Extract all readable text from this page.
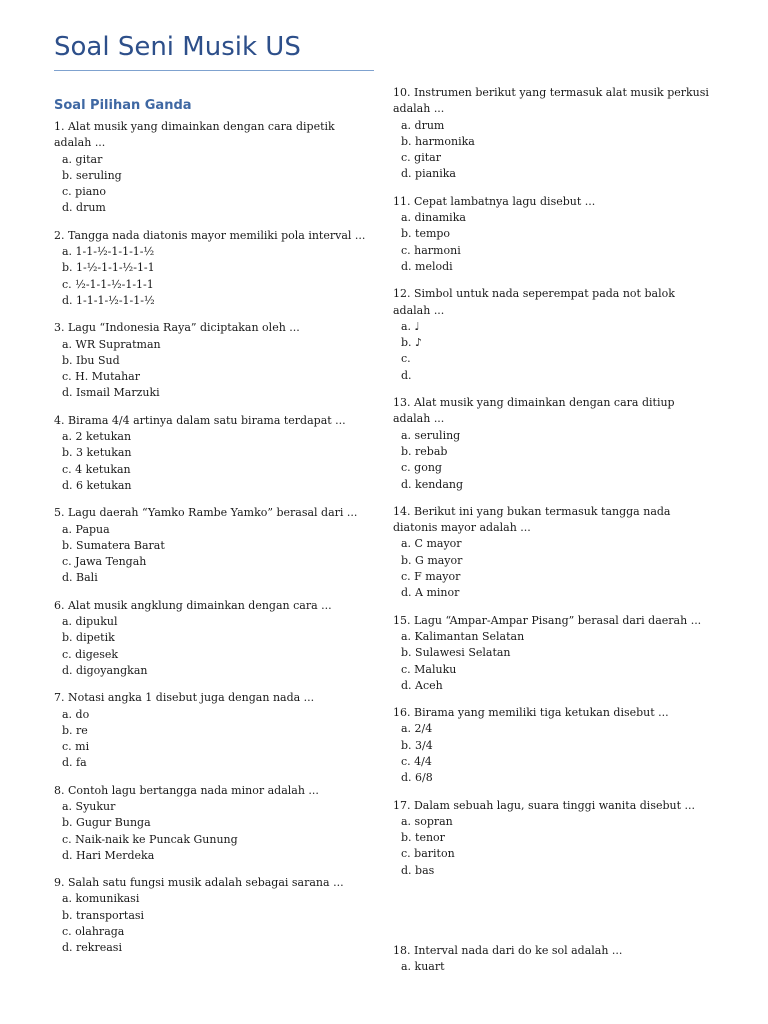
Soal Seni Musik US
Soal Pilihan Ganda

1. Alat musik yang dimainkan dengan cara dipetik adalah ...

a. gitar
b. seruling
c. piano
d. drum

2. Tangga nada diatonis mayor memiliki pola interval ...

a. 1-1-½-1-1-1-½
b. 1-½-1-1-½-1-1
c. ½-1-1-½-1-1-1
d. 1-1-1-½-1-1-½

3. Lagu “Indonesia Raya” diciptakan oleh ...

a. WR Supratman
b. Ibu Sud
c. H. Mutahar
d. Ismail Marzuki

4. Birama 4/4 artinya dalam satu birama terdapat ...

a. 2 ketukan
b. 3 ketukan
c. 4 ketukan
d. 6 ketukan

5. Lagu daerah “Yamko Rambe Yamko” berasal dari ...

a. Papua
b. Sumatera Barat
c. Jawa Tengah
d. Bali

6. Alat musik angklung dimainkan dengan cara ...

a. dipukul
b. dipetik
c. digesek
d. digoyangkan

7. Notasi angka 1 disebut juga dengan nada ...

a. do
b. re
c. mi
d. fa

8. Contoh lagu bertangga nada minor adalah ...

a. Syukur
b. Gugur Bunga
c. Naik-naik ke Puncak Gunung
d. Hari Merdeka

9. Salah satu fungsi musik adalah sebagai sarana ...

a. komunikasi
b. transportasi
c. olahraga
d. rekreasi

10. Instrumen berikut yang termasuk alat musik perkusi adalah ...

a. drum
b. harmonika
c. gitar
d. pianika

11. Cepat lambatnya lagu disebut ...

a. dinamika
b. tempo
c. harmoni
d. melodi

12. Simbol untuk nada seperempat pada not balok adalah ...

a. ♩
b. ♪
c.
d.

13. Alat musik yang dimainkan dengan cara ditiup adalah ...

a. seruling
b. rebab
c. gong
d. kendang

14. Berikut ini yang bukan termasuk tangga nada diatonis mayor adalah ...

a. C mayor
b. G mayor
c. F mayor
d. A minor

15. Lagu “Ampar-Ampar Pisang” berasal dari daerah ...

a. Kalimantan Selatan
b. Sulawesi Selatan
c. Maluku
d. Aceh

16. Birama yang memiliki tiga ketukan disebut ...

a. 2/4
b. 3/4
c. 4/4
d. 6/8

17. Dalam sebuah lagu, suara tinggi wanita disebut ...

a. sopran
b. tenor
c. bariton
d. bas

18. Interval nada dari do ke sol adalah ...

a. kuart
